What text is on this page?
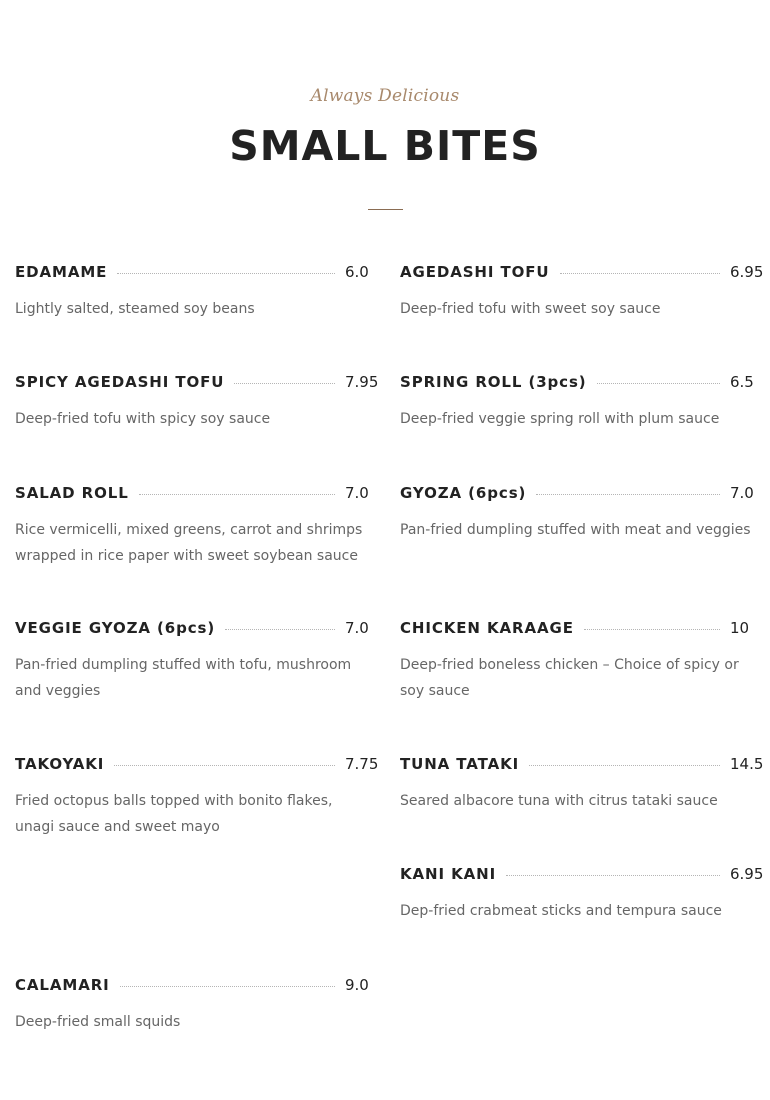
Always Delicious
SMALL BITES
EDAMAME	6.0
Lightly salted, steamed soy beans
SPICY AGEDASHI TOFU	7.95
Deep-fried tofu with spicy soy sauce
SALAD ROLL	7.0
Rice vermicelli, mixed greens, carrot and shrimps wrapped in rice paper with sweet soybean sauce
VEGGIE GYOZA (6pcs)	7.0
Pan-fried dumpling stuffed with tofu, mushroom and veggies
TAKOYAKI	7.75
Fried octopus balls topped with bonito flakes, unagi sauce and sweet mayo
CALAMARI	9.0
Deep-fried small squids
AGEDASHI TOFU	6.95
Deep-fried tofu with sweet soy sauce
SPRING ROLL (3pcs)	6.5
Deep-fried veggie spring roll with plum sauce
GYOZA (6pcs)	7.0
Pan-fried dumpling stuffed with meat and veggies
CHICKEN KARAAGE	10
Deep-fried boneless chicken – Choice of spicy or soy sauce
TUNA TATAKI	14.5
Seared albacore tuna with citrus tataki sauce
KANI KANI	6.95
Dep-fried crabmeat sticks and tempura sauce
